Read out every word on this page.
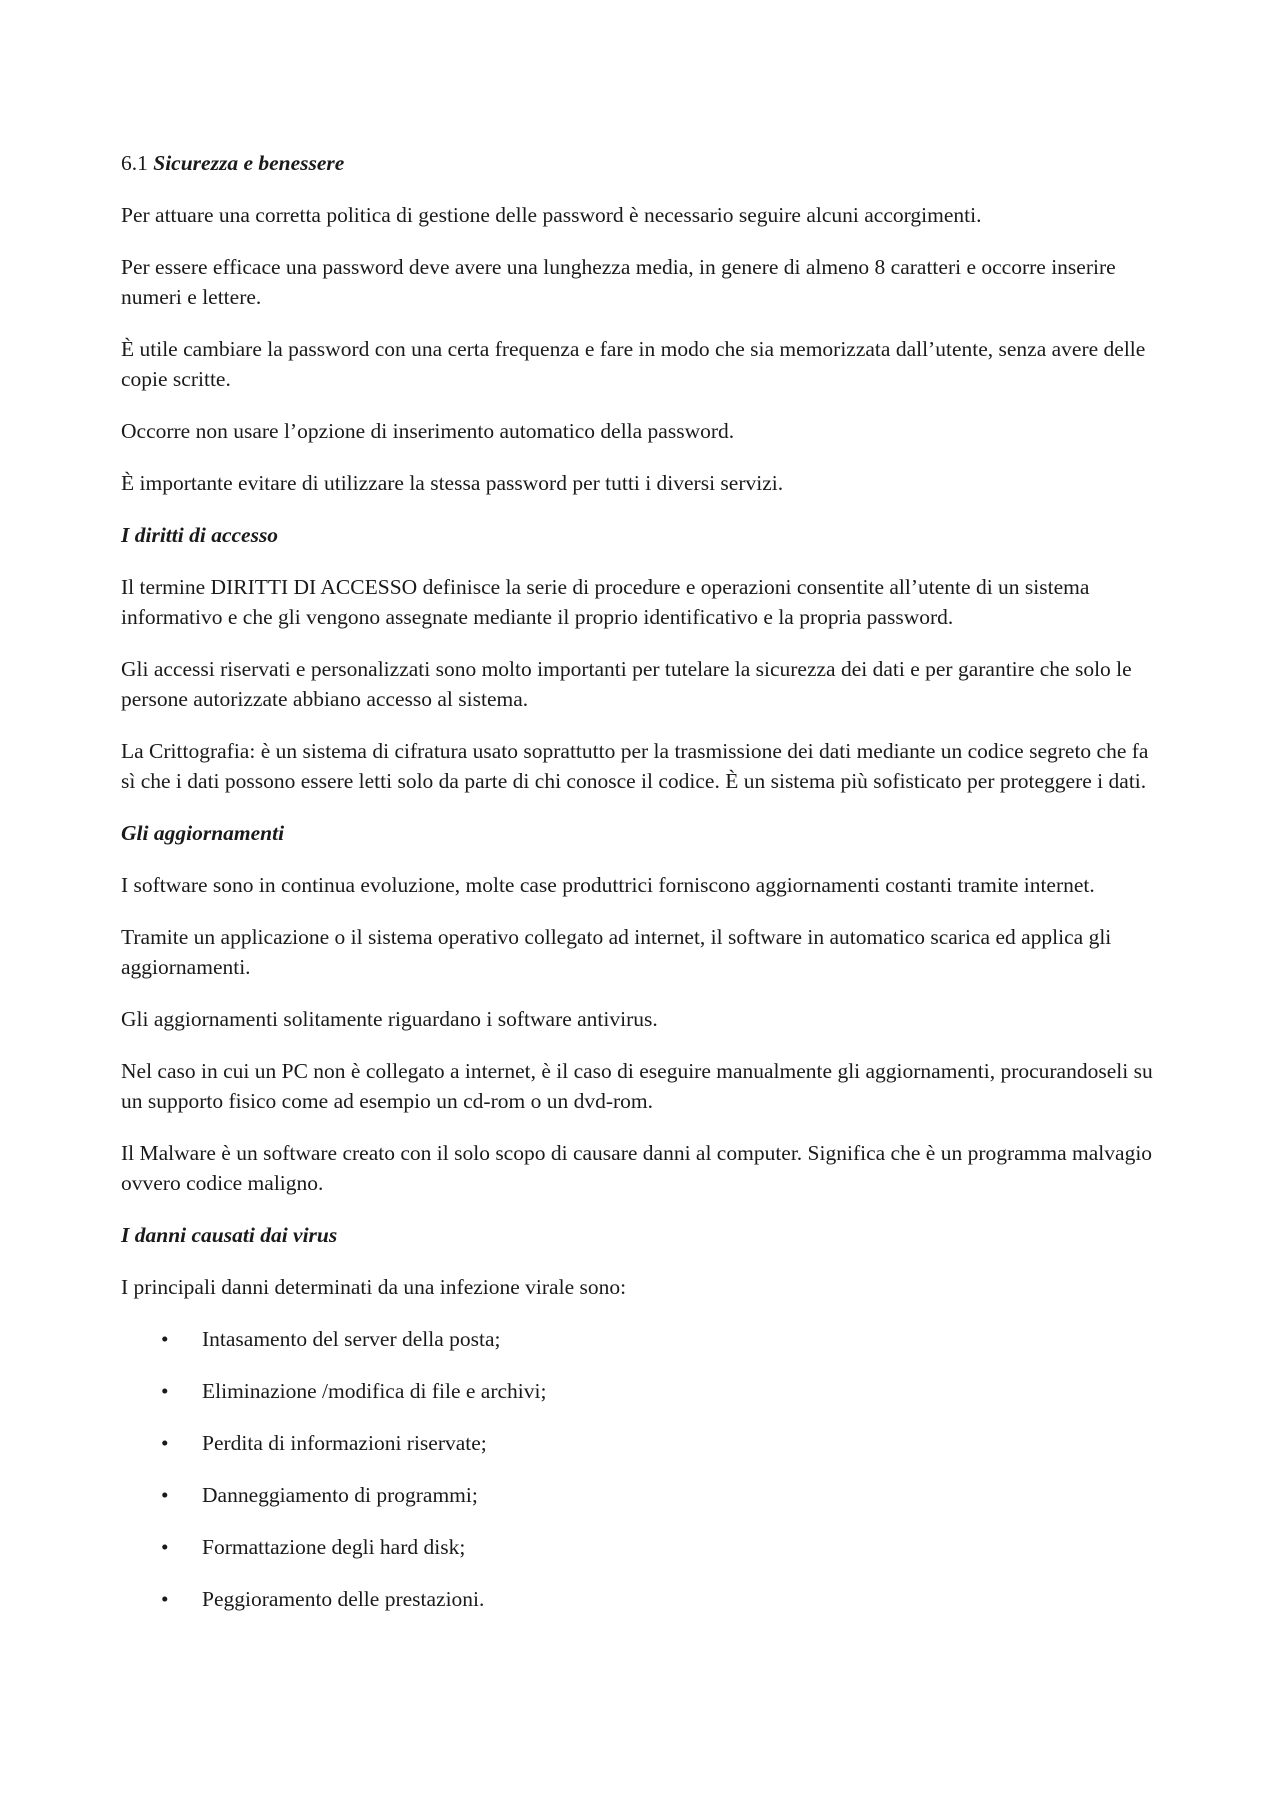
6.1 Sicurezza e benessere

Per attuare una corretta politica di gestione delle password è necessario seguire alcuni accorgimenti.

Per essere efficace una password deve avere una lunghezza media, in genere di almeno 8 caratteri e occorre inserire numeri e lettere.

È utile cambiare la password con una certa frequenza e fare in modo che sia memorizzata dall’utente, senza avere delle copie scritte.

Occorre non usare l’opzione di inserimento automatico della password.

È importante evitare di utilizzare la stessa password per tutti i diversi servizi.

I diritti di accesso

Il termine DIRITTI DI ACCESSO definisce la serie di procedure e operazioni consentite all’utente di un sistema informativo e che gli vengono assegnate mediante il proprio identificativo e la propria password.

Gli accessi riservati e personalizzati sono molto importanti per tutelare la sicurezza dei dati e per garantire che solo le persone autorizzate abbiano accesso al sistema.

La Crittografia: è un sistema di cifratura usato soprattutto per la trasmissione dei dati mediante un codice segreto che fa sì che i dati possono essere letti solo da parte di chi conosce il codice. È un sistema più sofisticato per proteggere i dati.

Gli aggiornamenti

I software sono in continua evoluzione, molte case produttrici forniscono aggiornamenti costanti tramite internet.

Tramite un applicazione o il sistema operativo collegato ad internet, il software in automatico scarica ed applica gli aggiornamenti.

Gli aggiornamenti solitamente riguardano i software antivirus.

Nel caso in cui un PC non è collegato a internet, è il caso di eseguire manualmente gli aggiornamenti, procurandoseli su un supporto fisico come ad esempio un cd-rom o un dvd-rom.

Il Malware è un software creato con il solo scopo di causare danni al computer. Significa che è un programma malvagio ovvero codice maligno.

I danni causati dai virus

I principali danni determinati da una infezione virale sono:

• Intasamento del server della posta;
• Eliminazione /modifica di file e archivi;
• Perdita di informazioni riservate;
• Danneggiamento di programmi;
• Formattazione degli hard disk;
• Peggioramento delle prestazioni.
